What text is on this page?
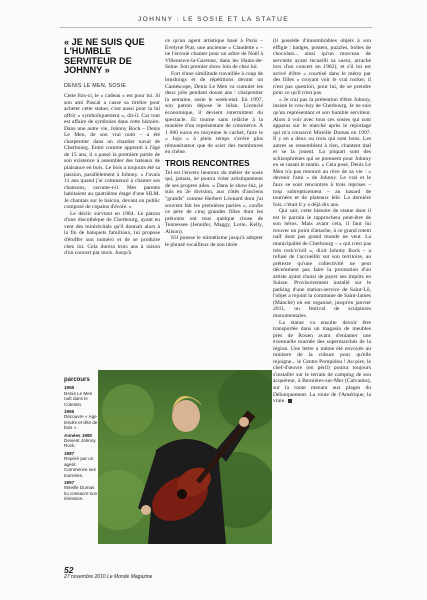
JOHNNY : LE SOSIE ET LA STATUE
« JE NE SUIS QUE L'HUMBLE SERVITEUR DE JOHNNY »
DENIS LE MEN, SOSIE

Cette fois-ci, le « cadeau » est pour lui. Si son ami Pascal a cassé sa tirelire pour acheter cette statue, c'est aussi pour la lui offrir « symboliquement », dit-il. Car tout est affaire de symboles dans cette histoire. Dans une autre vie, Johnny Rock – Denis Le Men, de son vrai nom – a été charpentier dans un chantier naval de Cherbourg. Entré comme apprenti à l'âge de 15 ans, il a passé la première partie de son existence à assembler des bateaux de plaisance en bois. Le bois a toujours été sa passion, parallèlement à Johnny. « J'avais 11 ans quand j'ai commencé à chanter ses chansons, raconte-t-il. Mes parents habitaient au quatrième étage d'une HLM. Je chantais sur le balcon, devant un public composé de copains d'école. »

Le déclic survient en 1984. Le patron d'une discothèque de Cherbourg, ayant eu vent des minirécitals qu'il donnait alors à la fin de banquets familiaux, lui propose d'étoffer son numéro et de se produire chez lui. Cela durera trois ans à raison d'un concert par mois. Jusqu'à

ce qu'un agent artistique basé à Paris – Evelyne Prat, une ancienne « Claudette » – ne l'envoie chanter pour un arbre de Noël à Villeneuve-la-Garenne, dans les Hauts-de-Seine. Son premier show loin de chez lui.

Fort d'une similitude travaillée à coup de brushings et de répétitions devant un Caméscope, Denis Le Men va cumuler les deux jobs pendant douze ans : charpentier la semaine, sosie le week-end. En 1997, son patron dépose le bilan. Licencié économique, il devient intermittent du spectacle. Et tourne sans relâche à la manière d'un représentant de commerce. A 1 000 euros en moyenne le cachet, faire le « Jojo » à plein temps s'avère plus rémunérateur que de scier des membrures en chêne.

TROIS RENCONTRES

Tel est l'envers heureux du métier de sosie qui, jamais, ne pourra voler artistiquement de ses propres ailes. « Dans le show-biz, je suis en 2e division, aux côtés d'anciens "grands" comme Herbert Léonard dont j'ai souvent fait les premières parties », confie ce père de cinq grandes filles dont les prénoms ont tous quelque chose de Tennessee (Jennifer, Maggy, Lorie, Kelly, Alison).

S'il pousse le mimétisme jusqu'à adopter le phrasé rocailleux de son idole

(il possède d'innombrables objets à son effigie : badges, posters, puzzles, boîtes de chocolats... ainsi qu'un morceau de serviette ayant recueilli sa sueur, arraché lors d'un concert en 1982), et s'il lui est arrivé d'être « courtisé dans le métro par des filles » croyant voir le vrai rocker, il n'est pas question, pour lui, de se prendre pour ce qu'il n'est pas.

« Je n'ai pas la prétention d'être Johnny, insiste le cow-boy de Cherbourg. Je ne suis qu'un représentant et son humble serviteur. Alors à voir avec tous ces sosies qui sont apparus sur le marché après le reportage qui m'a consacré Mireille Dumas en 1997. Il y en a deux ou trois qui sont bons. Les autres se ressemblent à rien, chantent mal et se la jouent. La plupart sont des schizophrènes qui se prennent pour Johnny en se rasant le matin. » Cela posé, Denis Le Men n'a pas renoncé au rêve de sa vie : « devenir l'ami » de Johnny. Le vrai et le faux se sont rencontrés à trois reprises – trop subrepticement – au hasard de tournées et de plateaux télé. La dernière fois, c'était il y a déjà dix ans.

Qui sait, cette histoire de statue dont il est le parrain le rapprochera peut-être de son héros. Mais avant cela, il faut lui trouver un point d'attache, à ce grand totem naïf dont pas grand monde ne veut. La municipalité de Cherbourg – « qui n'est pas très rock'n'roll », dixit Johnny Rock – a refusé de l'accueillir sur son territoire, au prétexte qu'une collectivité ne peut décemment pas faire la promotion d'un artiste ayant choisi de payer ses impôts en Suisse. Provisoirement installé sur le parking d'une station-service de Saint-Lô, l'objet a rejoint la commune de Saint-James (Manche) où est organisé, jusqu'en janvier 2011, un festival de sculptures monumentales.

La statue va ensuite devoir être transportée dans un magasin de meubles près de Rouen avant d'entamer une éventuelle tournée des supermarchés de la région. Une lettre a même été envoyée au ministre de la culture pour qu'elle rejoigne... le Centre Pompidou ! Au pire, le chef-d'œuvre (en péril) pourra toujours s'installer sur le terrain de camping de son acquéreur, à Bernières-sur-Mer (Calvados), sur la route menant aux plages du Débarquement. La route de l'Amérique, la vraie.

parcours
1955
Denis Le Men naît dans le Cotentin.
1966
Découvre « Age tendre et tête de bois ».
Années 1980
Devient Johnny Rock.
1987
Repéré par un agent. Commence ses tournées.
1997
Mireille Dumas lui consacre son émission.
52
27 novembre 2010 Le Monde Magazine
